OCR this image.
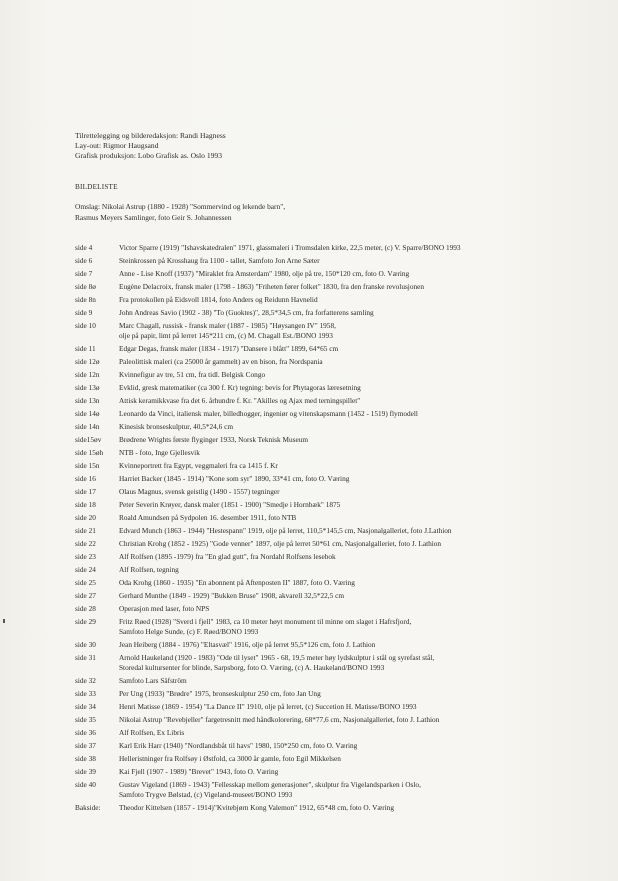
Tilrettelegging og bilderedaksjon: Randi Hagness
Lay-out: Rigmor Haugsand
Grafisk produksjon: Lobo Grafisk as. Oslo 1993
BILDELISTE
Omslag: Nikolai Astrup (1880 - 1928) "Sommervind og lekende barn",
Rasmus Meyers Samlinger, foto Geir S. Johannessen
side 4	Victor Sparre (1919) "Ishavskatedralen" 1971, glassmaleri i Tromsdalen kirke, 22,5 meter, (c) V. Sparre/BONO 1993
side 6	Steinkrossen på Krosshaug fra 1100 - tallet, Samfoto Jon Arne Sæter
side 7	Anne - Lise Knoff (1937) "Miraklet fra Amsterdam" 1980, olje på tre, 150*120 cm, foto O. Væring
side 8ø	Eugène Delacroix, fransk maler (1798 - 1863) "Friheten fører folket" 1830, fra den franske revolusjonen
side 8n	Fra protokollen på Eidsvoll 1814, foto Anders og Reidunn Havnelid
side 9	John Andreas Savio (1902 - 38) "To (Guoktes)", 28,5*34,5 cm, fra forfatterens samling
side 10	Marc Chagall, russisk - fransk maler (1887 - 1985) "Høysangen IV" 1958,
olje på papir, limt på lerret 145*211 cm, (c) M. Chagall Est./BONO 1993
side 11	Edgar Degas, fransk maler (1834 - 1917) "Dansere i blått" 1899, 64*65 cm
side 12ø	Paleolittisk maleri (ca 25000 år gammelt) av en bison, fra Nordspania
side 12n	Kvinnefigur av tre, 51 cm, fra tidl. Belgisk Congo
side 13ø	Evklid, gresk matematiker (ca 300 f. Kr) tegning: bevis for Phytagoras læresetning
side 13n	Attisk keramikkvase fra det 6. århundre f. Kr. "Akilles og Ajax med terningspillet"
side 14ø	Leonardo da Vinci, italiensk maler, billedhogger, ingeniør og vitenskapsmann (1452 - 1519) flymodell
side 14n	Kinesisk bronseskulptur, 40,5*24,6 cm
side15øv	Brødrene Wrights første flyginger 1933, Norsk Teknisk Museum
side 15øh	NTB - foto, Inge Gjellesvik
side 15n	Kvinneportrett fra Egypt, veggmaleri fra ca 1415 f. Kr
side 16	Harriet Backer (1845 - 1914) "Kone som syr" 1890, 33*41 cm, foto O. Væring
side 17	Olaus Magnus, svensk geistlig (1490 - 1557) tegninger
side 18	Peter Severin Krøyer, dansk maler (1851 - 1900) "Smedje i Hornbæk" 1875
side 20	Roald Amundsen på Sydpolen 16. desember 1911, foto NTB
side 21	Edvard Munch (1863 - 1944) "Hestespann" 1919, olje på lerret, 110,5*145,5 cm, Nasjonalgalleriet, foto J.Lathion
side 22	Christian Krohg (1852 - 1925) "Gode venner" 1897, olje på lerret 50*61 cm, Nasjonalgalleriet, foto J. Lathion
side 23	Alf Rolfsen (1895 -1979) fra "En glad gutt", fra Nordahl Rolfsens lesebok
side 24	Alf Rolfsen, tegning
side 25	Oda Krohg (1860 - 1935) "En abonnent på Aftenposten II" 1887, foto O. Væring
side 27	Gerhard Munthe (1849 - 1929) "Bukken Bruse" 1908, akvarell 32,5*22,5 cm
side 28	Operasjon med laser, foto NPS
side 29	Fritz Røed (1928) "Sverd i fjell" 1983, ca 10 meter høyt monument til minne om slaget i Hafrsfjord,
Samfoto Helge Sunde, (c) F. Røed/BONO 1993
side 30	Jean Heiberg (1884 - 1976) "Eltasvæl" 1916, olje på lerret 95,5*126 cm, foto J. Lathion
side 31	Arnold Haukeland (1920 - 1983) "Ode til lyset" 1965 - 68, 19,5 meter høy lydskulptur i stål og syrefast stål,
Storedal kultursenter for blinde, Sarpsborg, foto O. Væring, (c) A. Haukeland/BONO 1993
side 32	Samfoto Lars Säfström
side 33	Per Ung (1933) "Brødre" 1975, bronseskulptur 250 cm, foto Jan Ung
side 34	Henri Matisse (1869 - 1954) "La Dance II" 1910, olje på lerret, (c) Succetion H. Matisse/BONO 1993
side 35	Nikolai Astrup "Revebjeller" fargetresnitt med håndkolorering, 68*77,6 cm, Nasjonalgalleriet, foto J. Lathion
side 36	Alf Rolfsen, Ex Libris
side 37	Karl Erik Harr (1940) "Nordlandsbåt til havs" 1980, 150*250 cm, foto O. Væring
side 38	Helleristninger fra Rolfsøy i Østfold, ca 3000 år gamle, foto Egil Mikkelsen
side 39	Kai Fjell (1907 - 1989) "Brevet" 1943, foto O. Væring
side 40	Gustav Vigeland (1869 - 1943) "Fellesskap mellom generasjoner", skulptur fra Vigelandsparken i Oslo,
Samfoto Trygve Bølstad, (c) Vigeland-museet/BONO 1993
Bakside:	Theodor Kittelsen (1857 - 1914)"Kvitebjørn Kong Valemon" 1912, 65*48 cm, foto O. Væring
